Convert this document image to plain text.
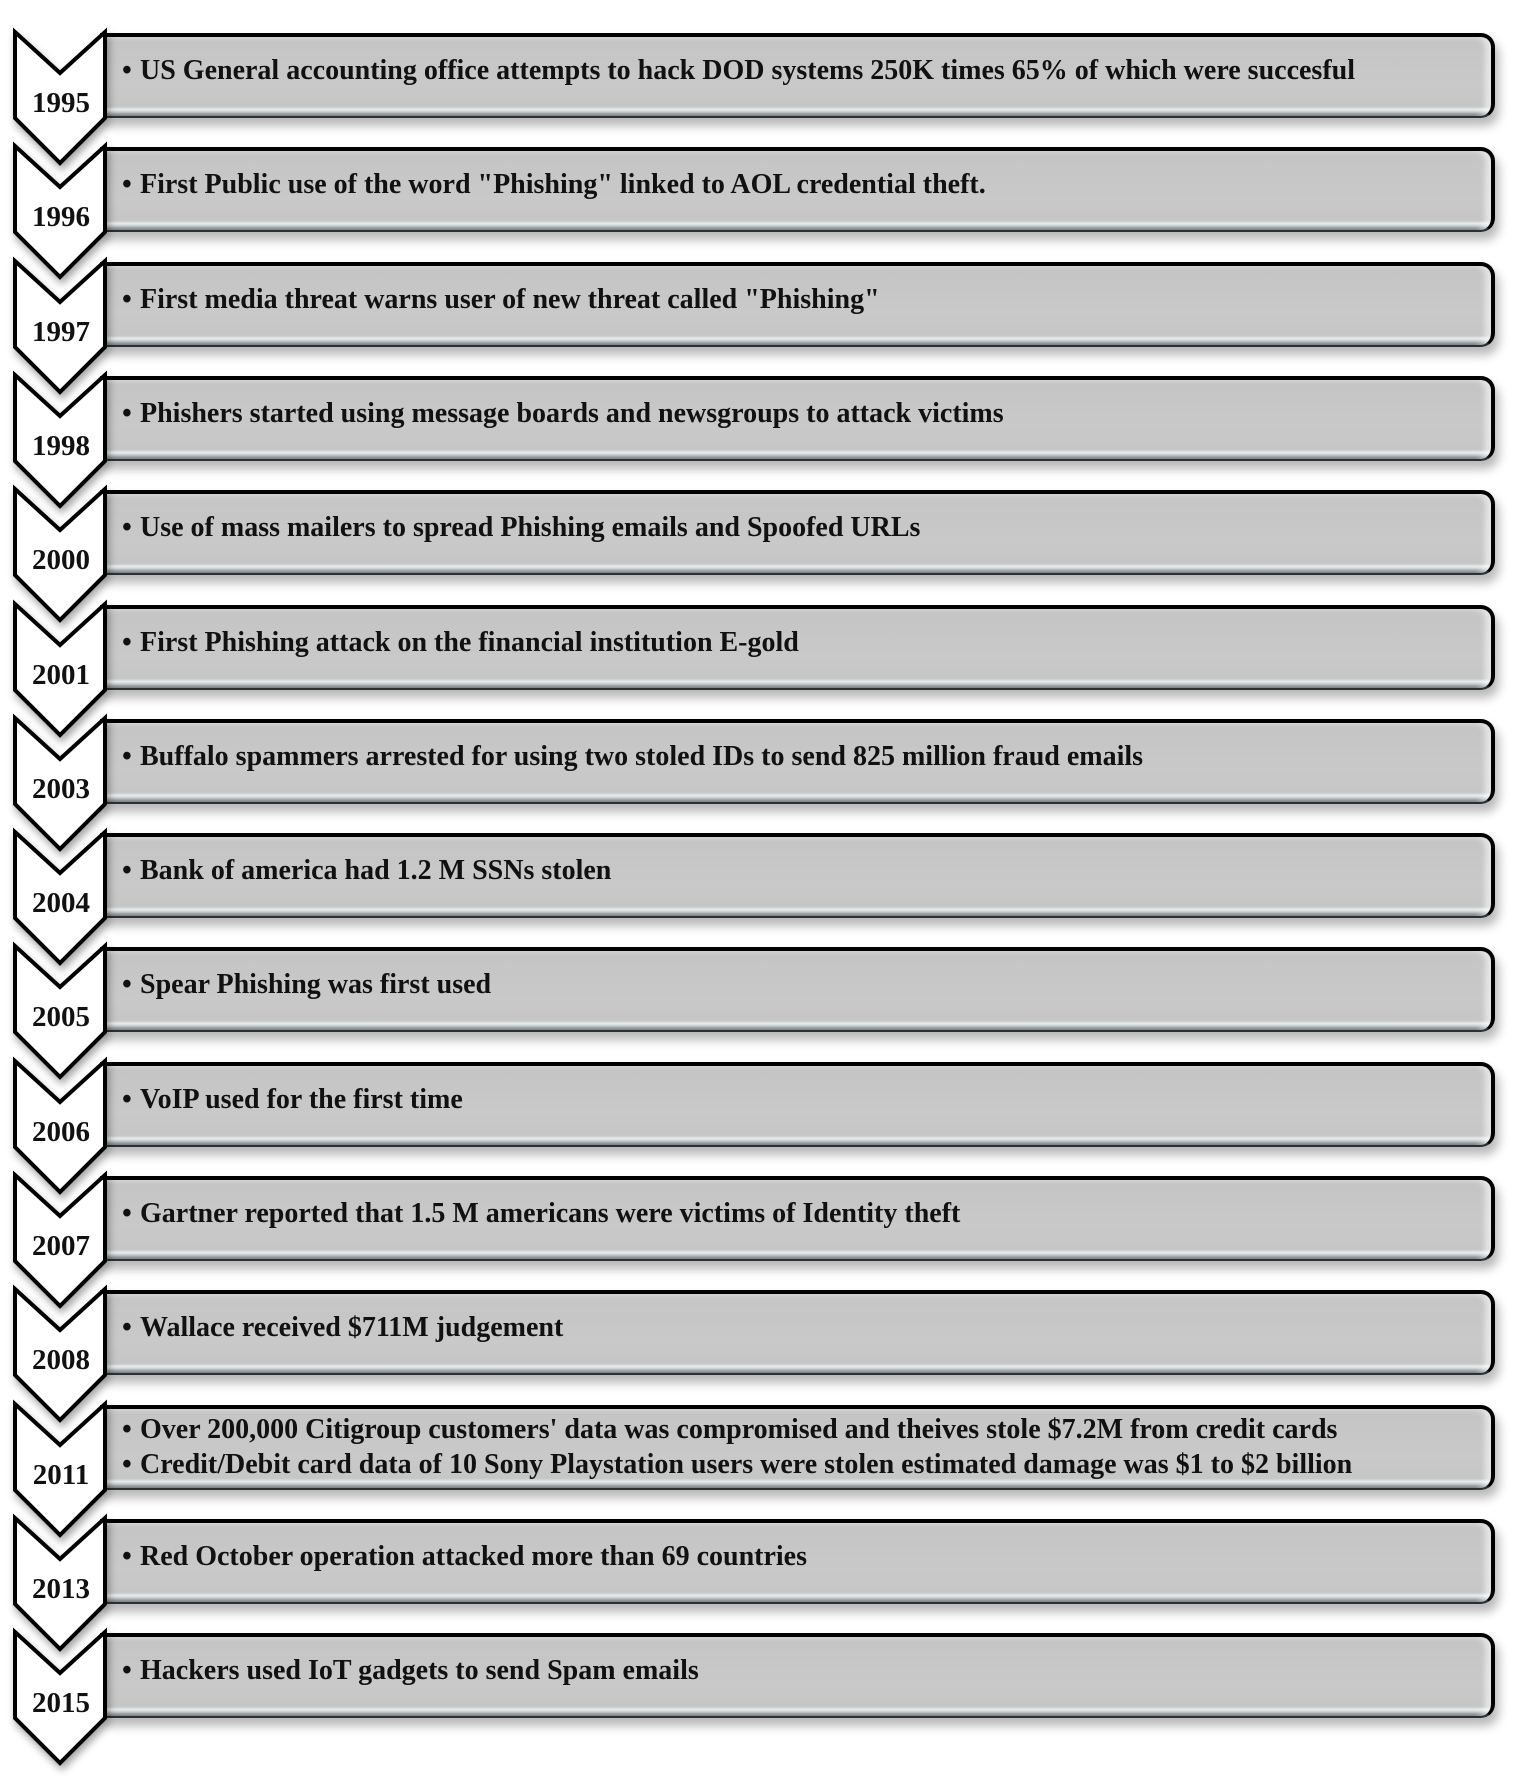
• US General accounting office attempts to hack DOD systems 250K times 65% of which were succesful
1995
• First Public use of the word "Phishing" linked to AOL credential theft.
1996
• First media threat warns user of new threat called "Phishing"
1997
• Phishers started using message boards and newsgroups to attack victims
1998
• Use of mass mailers to spread Phishing emails and Spoofed URLs
2000
• First Phishing attack on the financial institution E-gold
2001
• Buffalo spammers arrested for using two stoled IDs to send 825 million fraud emails
2003
• Bank of america had 1.2 M SSNs stolen
2004
• Spear Phishing was first used
2005
• VoIP used for the first time
2006
• Gartner reported that 1.5 M americans were victims of Identity theft
2007
• Wallace received $711M judgement
2008
• Over 200,000 Citigroup customers' data was compromised and theives stole $7.2M from credit cards
• Credit/Debit card data of 10 Sony Playstation users were stolen estimated damage was $1 to $2 billion
2011
• Red October operation attacked more than 69 countries
2013
• Hackers used IoT gadgets to send Spam emails
2015
